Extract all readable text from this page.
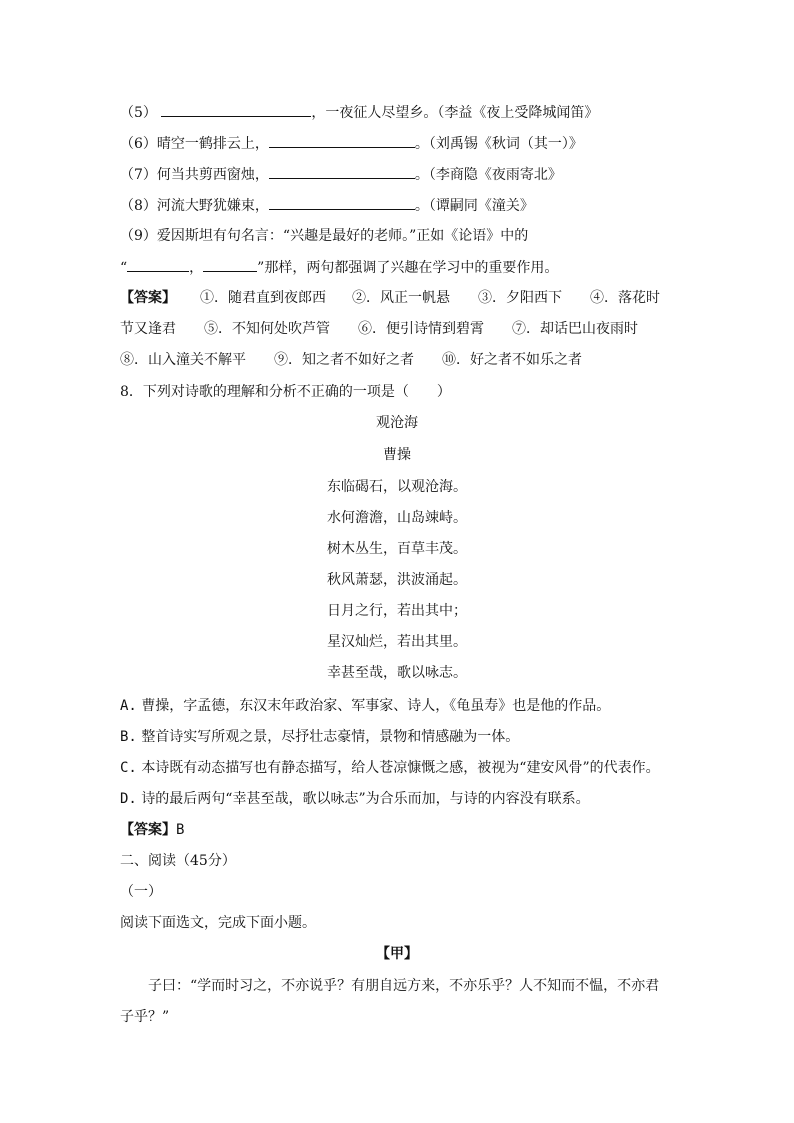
（5）	，一夜征人尽望乡。（李益《夜上受降城闻笛》
（6）晴空一鹤排云上，	。（刘禹锡《秋词（其一）》
（7）何当共剪西窗烛，	。（李商隐《夜雨寄北》
（8）河流大野犹嫌束，	。（谭嗣同《潼关》
（9）爱因斯坦有句名言：“兴趣是最好的老师。”正如《论语》中的
“	，	”那样，两句都强调了兴趣在学习中的重要作用。
【答案】 ①．随君直到夜郎西 ②．风正一帆悬 ③．夕阳西下 ④．落花时
节又逢君 ⑤．不知何处吹芦管 ⑥．便引诗情到碧霄 ⑦．却话巴山夜雨时
⑧．山入潼关不解平 ⑨．知之者不如好之者 ⑩．好之者不如乐之者
8．下列对诗歌的理解和分析不正确的一项是（　　）
观沧海
曹操
东临碣石，以观沧海。
水何澹澹，山岛竦峙。
树木丛生，百草丰茂。
秋风萧瑟，洪波涌起。
日月之行，若出其中；
星汉灿烂，若出其里。
幸甚至哉，歌以咏志。
A. 曹操，字孟德，东汉末年政治家、军事家、诗人，《龟虽寿》也是他的作品。
B. 整首诗实写所观之景，尽抒壮志豪情，景物和情感融为一体。
C. 本诗既有动态描写也有静态描写，给人苍凉慷慨之感，被视为“建安风骨”的代表作。
D. 诗的最后两句“幸甚至哉，歌以咏志”为合乐而加，与诗的内容没有联系。
【答案】B
二、阅读（45分）
（一）
阅读下面选文，完成下面小题。
【甲】
子曰：“学而时习之，不亦说乎？有朋自远方来，不亦乐乎？人不知而不愠，不亦君
子乎？”
